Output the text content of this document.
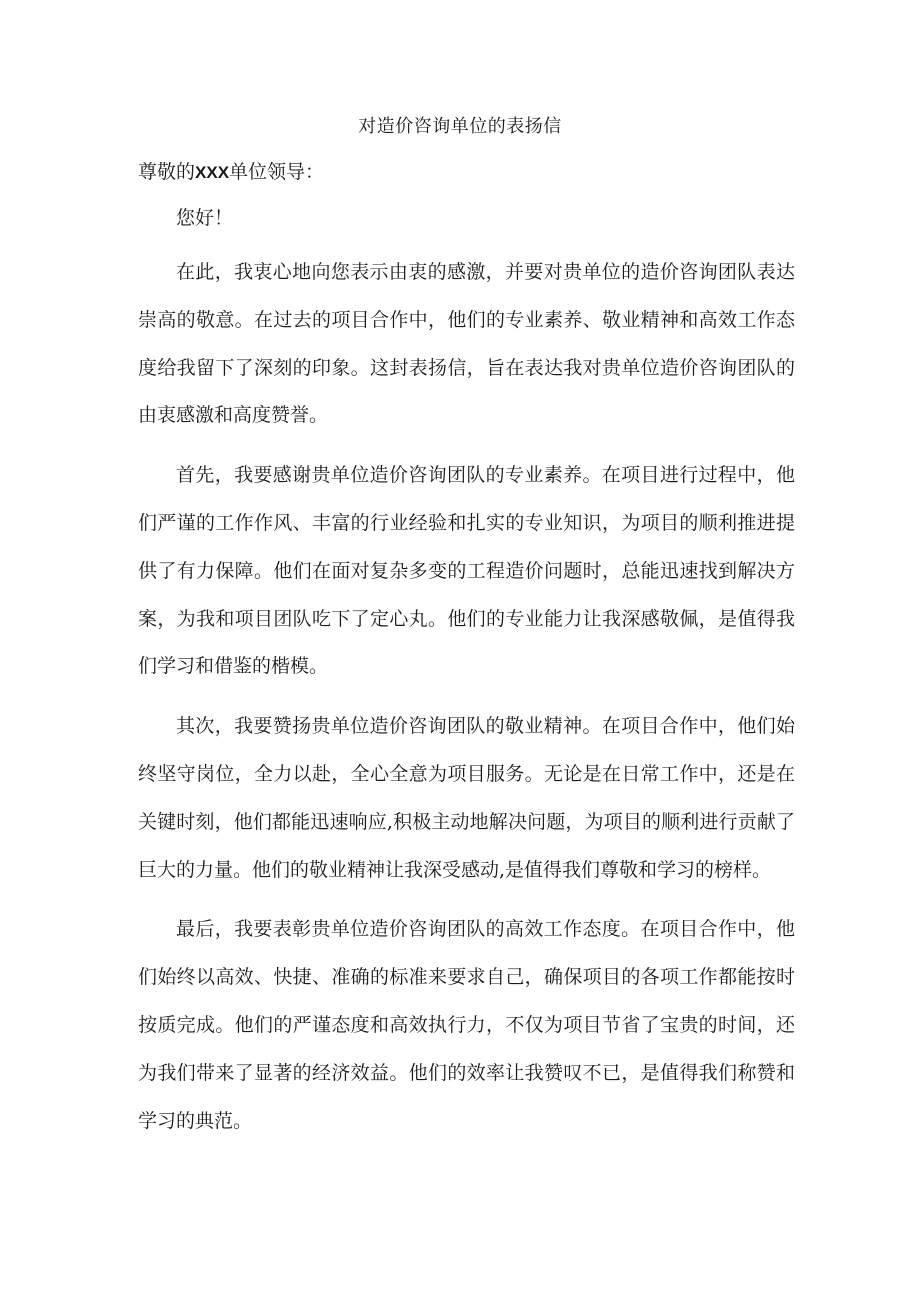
对造价咨询单位的表扬信

尊敬的XXX单位领导：

您好！

在此，我衷心地向您表示由衷的感激，并要对贵单位的造价咨询团队表达崇高的敬意。在过去的项目合作中，他们的专业素养、敬业精神和高效工作态度给我留下了深刻的印象。这封表扬信，旨在表达我对贵单位造价咨询团队的由衷感激和高度赞誉。

首先，我要感谢贵单位造价咨询团队的专业素养。在项目进行过程中，他们严谨的工作作风、丰富的行业经验和扎实的专业知识，为项目的顺利推进提供了有力保障。他们在面对复杂多变的工程造价问题时，总能迅速找到解决方案，为我和项目团队吃下了定心丸。他们的专业能力让我深感敬佩，是值得我们学习和借鉴的楷模。

其次，我要赞扬贵单位造价咨询团队的敬业精神。在项目合作中，他们始终坚守岗位，全力以赴，全心全意为项目服务。无论是在日常工作中，还是在关键时刻，他们都能迅速响应,积极主动地解决问题，为项目的顺利进行贡献了巨大的力量。他们的敬业精神让我深受感动,是值得我们尊敬和学习的榜样。

最后，我要表彰贵单位造价咨询团队的高效工作态度。在项目合作中，他们始终以高效、快捷、准确的标准来要求自己，确保项目的各项工作都能按时按质完成。他们的严谨态度和高效执行力，不仅为项目节省了宝贵的时间，还为我们带来了显著的经济效益。他们的效率让我赞叹不已，是值得我们称赞和学习的典范。
